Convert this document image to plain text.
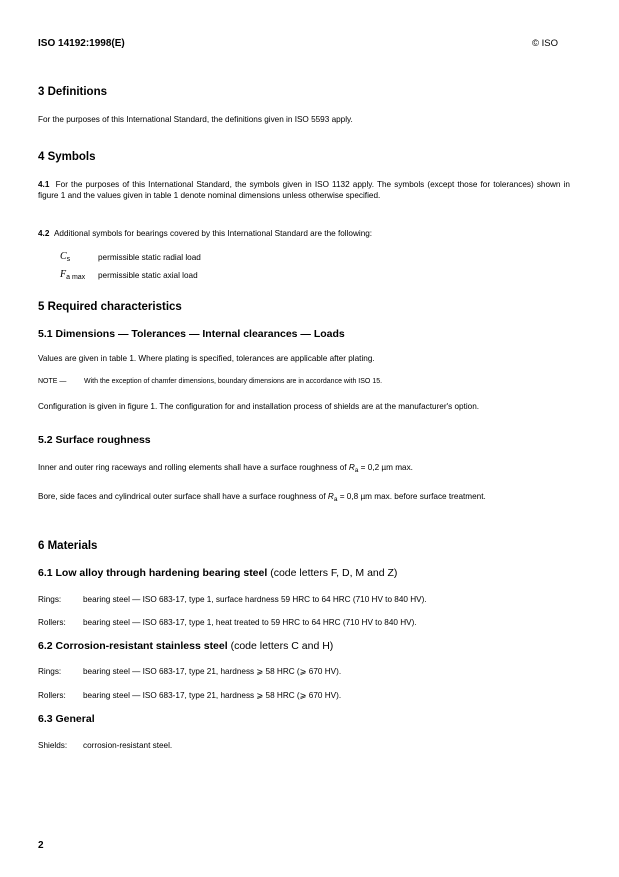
ISO 14192:1998(E)	© ISO
3 Definitions
For the purposes of this International Standard, the definitions given in ISO 5593 apply.
4 Symbols
4.1 For the purposes of this International Standard, the symbols given in ISO 1132 apply. The symbols (except those for tolerances) shown in figure 1 and the values given in table 1 denote nominal dimensions unless otherwise specified.
4.2 Additional symbols for bearings covered by this International Standard are the following:
Cs	permissible static radial load
Fa max permissible static axial load
5 Required characteristics
5.1 Dimensions — Tolerances — Internal clearances — Loads
Values are given in table 1. Where plating is specified, tolerances are applicable after plating.
NOTE —	With the exception of chamfer dimensions, boundary dimensions are in accordance with ISO 15.
Configuration is given in figure 1. The configuration for and installation process of shields are at the manufacturer's option.
5.2 Surface roughness
Inner and outer ring raceways and rolling elements shall have a surface roughness of $R_a = 0,2$ µm max.
Bore, side faces and cylindrical outer surface shall have a surface roughness of $R_a = 0,8$ µm max. before surface treatment.
6 Materials
6.1 Low alloy through hardening bearing steel (code letters F, D, M and Z)
Rings:	bearing steel — ISO 683-17, type 1, surface hardness 59 HRC to 64 HRC (710 HV to 840 HV).
Rollers: bearing steel — ISO 683-17, type 1, heat treated to 59 HRC to 64 HRC (710 HV to 840 HV).
6.2 Corrosion-resistant stainless steel (code letters C and H)
Rings:	bearing steel — ISO 683-17, type 21, hardness ⩾ 58 HRC (⩾ 670 HV).
Rollers: bearing steel — ISO 683-17, type 21, hardness ⩾ 58 HRC (⩾ 670 HV).
6.3 General
Shields: corrosion-resistant steel.
2
